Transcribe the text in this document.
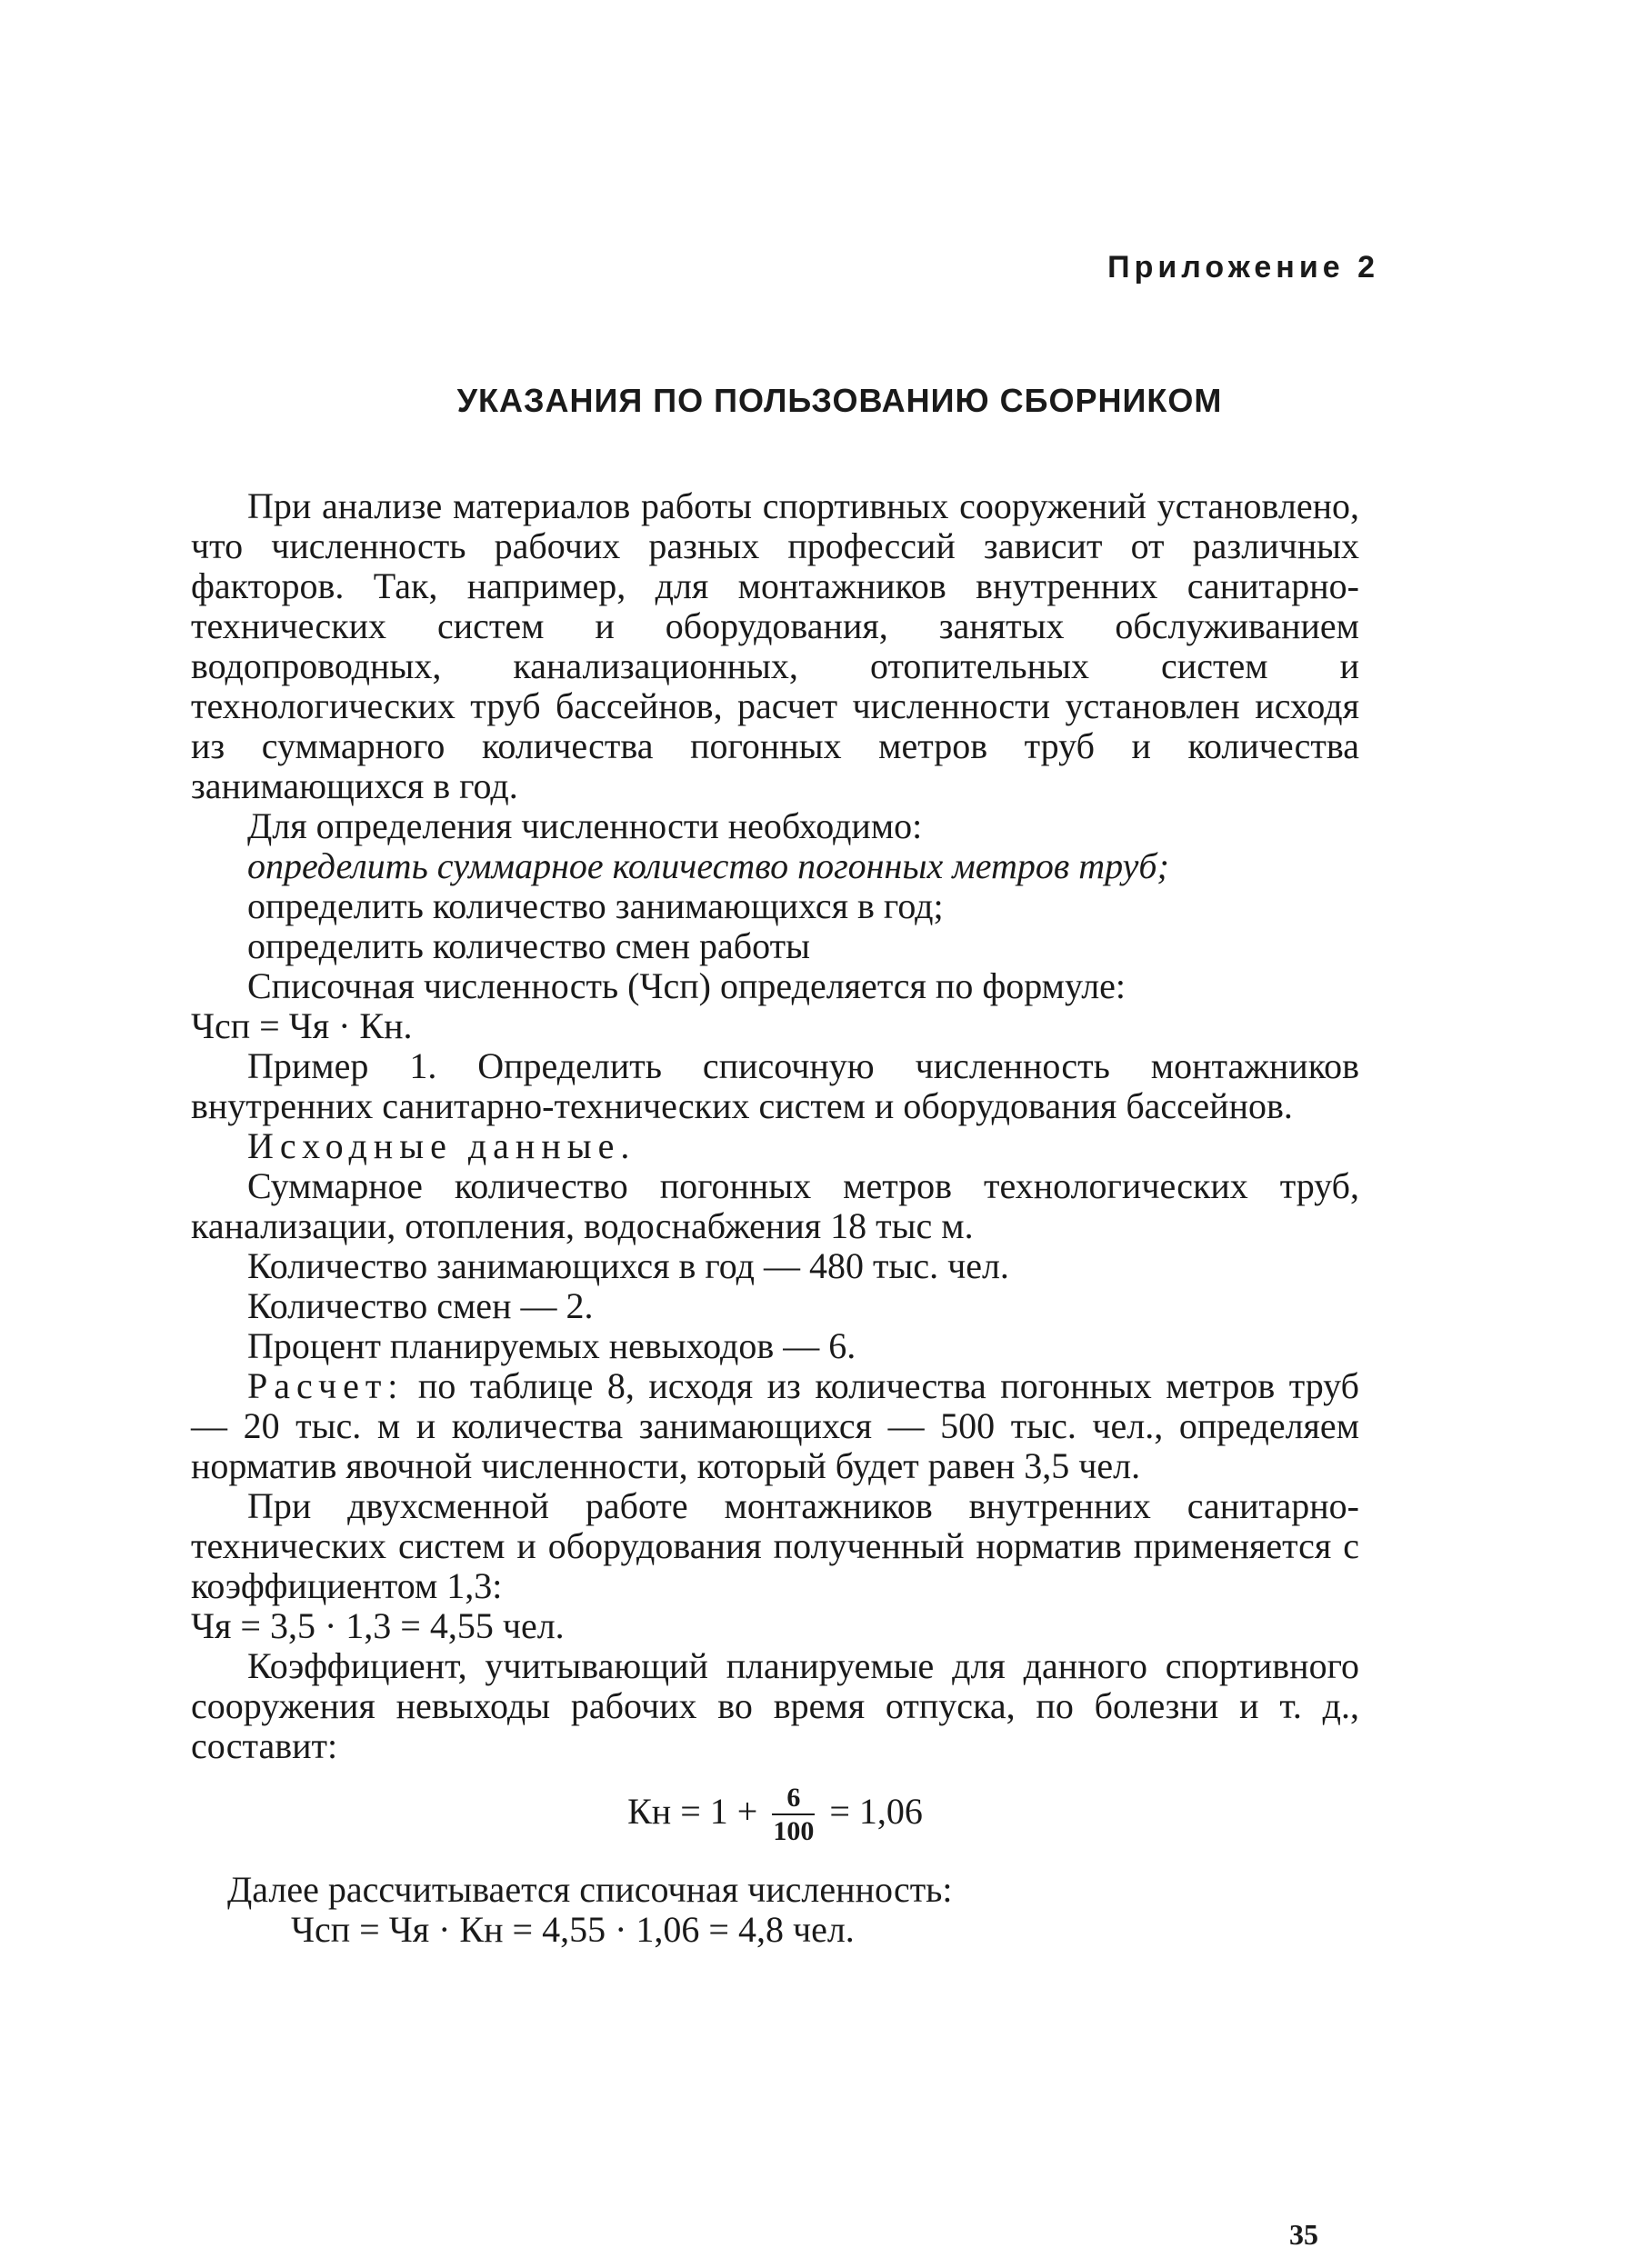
Приложение 2
УКАЗАНИЯ ПО ПОЛЬЗОВАНИЮ СБОРНИКОМ

При анализе материалов работы спортивных сооружений установлено, что численность рабочих разных профессий зависит от различных факторов. Так, например, для монтажников внутренних санитарно-технических систем и оборудования, занятых обслуживанием водопроводных, канализационных, отопительных систем и технологических труб бассейнов, расчет численности установлен исходя из суммарного количества погонных метров труб и количества занимающихся в год.

Для определения численности необходимо:

определить суммарное количество погонных метров труб;

определить количество занимающихся в год;

определить количество смен работы

Списочная численность (Чсп) определяется по формуле:

Чсп = Чя · Кн.

Пример 1. Определить списочную численность монтажников внутренних санитарно-технических систем и оборудования бассейнов.

Исходные данные.

Суммарное количество погонных метров технологических труб, канализации, отопления, водоснабжения 18 тыс м.

Количество занимающихся в год — 480 тыс. чел.

Количество смен — 2.

Процент планируемых невыходов — 6.

Расчет: по таблице 8, исходя из количества погонных метров труб — 20 тыс. м и количества занимающихся — 500 тыс. чел., определяем норматив явочной численности, который будет равен 3,5 чел.

При двухсменной работе монтажников внутренних санитарно-технических систем и оборудования полученный норматив применяется с коэффициентом 1,3:

Чя = 3,5 · 1,3 = 4,55 чел.

Коэффициент, учитывающий планируемые для данного спортивного сооружения невыходы рабочих во время отпуска, по болезни и т. д., составит:

Кн = $1 + \frac{6}{100} = 1,06$

Далее рассчитывается списочная численность:

Чсп = Чя · Кн = 4,55 · 1,06 = 4,8 чел.

35
